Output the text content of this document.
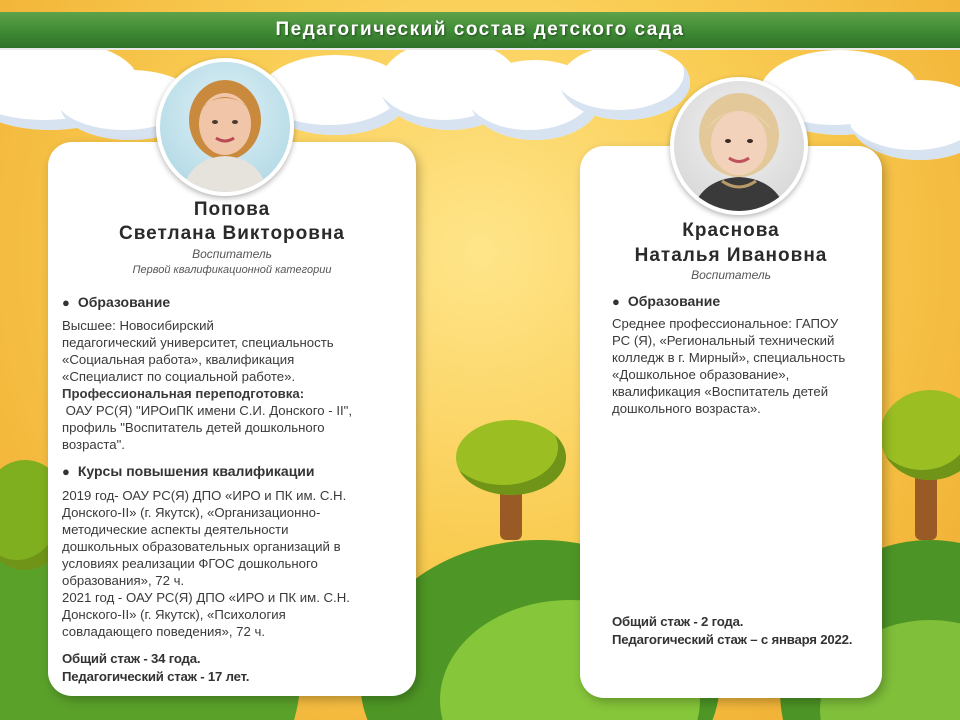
Педагогический состав детского сада
Попова
Светлана Викторовна
Воспитатель
Первой квалификационной категории
● Образование
Высшее: Новосибирский
педагогический университет, специальность
«Социальная работа», квалификация
«Специалист по социальной работе».
Профессиональная переподготовка:
ОАУ РС(Я) "ИРОиПК имени С.И. Донского - II",
профиль "Воспитатель детей дошкольного
возраста".
● Курсы повышения квалификации
2019 год- ОАУ РС(Я) ДПО «ИРО и ПК им. С.Н.
Донского-II» (г. Якутск), «Организационно-
методические аспекты деятельности
дошкольных образовательных организаций в
условиях реализации ФГОС дошкольного
образования», 72 ч.
2021 год - ОАУ РС(Я) ДПО «ИРО и ПК им. С.Н.
Донского-II» (г. Якутск), «Психология
совладающего поведения», 72 ч.
Общий стаж - 34 года.
Педагогический стаж - 17 лет.
Краснова
Наталья Ивановна
Воспитатель
● Образование
Среднее профессиональное: ГАПОУ
РС (Я), «Региональный технический
колледж в г. Мирный», специальность
«Дошкольное образование»,
квалификация «Воспитатель детей
дошкольного возраста».
Общий стаж - 2 года.
Педагогический стаж – с января 2022.
